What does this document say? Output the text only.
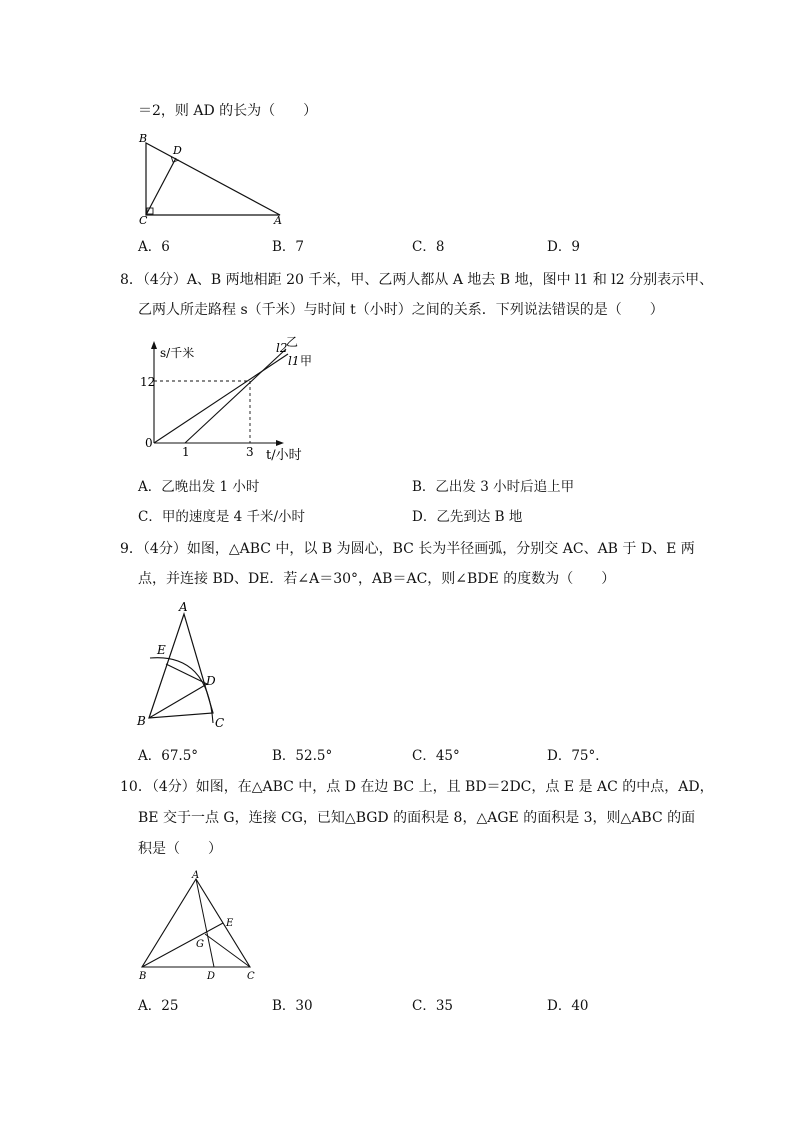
＝2，则 AD 的长为（　　）
B
D
C	A
A．6	B．7	C．8	D．9
8．（4分）A、B 两地相距 20 千米，甲、乙两人都从 A 地去 B 地，图中 l1 和 l2 分别表示甲、
乙两人所走路程 s（千米）与时间 t（小时）之间的关系．下列说法错误的是（　　）
s/千米
12
0
1	3 t/小时
l2
乙
l1 甲
A．乙晚出发 1 小时	B．乙出发 3 小时后追上甲
C．甲的速度是 4 千米/小时	D．乙先到达 B 地
9．（4分）如图，△ABC 中，以 B 为圆心，BC 长为半径画弧，分别交 AC、AB 于 D、E 两
点，并连接 BD、DE．若∠A＝30°，AB＝AC，则∠BDE 的度数为（　　）
A
E
D
B	C
A．67.5°	B．52.5°	C．45°	D．75°．
10．（4分）如图，在△ABC 中，点 D 在边 BC 上，且 BD＝2DC，点 E 是 AC 的中点，AD，
BE 交于一点 G，连接 CG，已知△BGD 的面积是 8，△AGE 的面积是 3，则△ABC 的面
积是（　　）
A
E
G
B	D	C
A．25	B．30	C．35	D．40
